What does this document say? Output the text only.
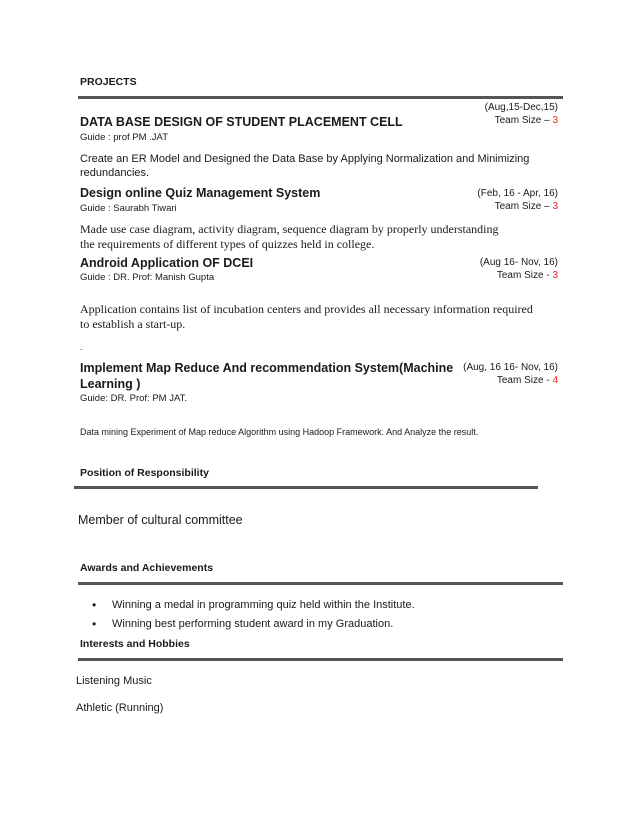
PROJECTS
(Aug,15-Dec,15)
Team Size – 3
DATA BASE DESIGN OF STUDENT PLACEMENT CELL
Guide : prof PM .JAT
Create an ER Model and Designed the Data Base by Applying Normalization and Minimizing redundancies.
(Feb, 16 - Apr, 16)
Team Size – 3
Design online Quiz Management System
Guide : Saurabh Tiwari
Made use case diagram, activity diagram, sequence diagram by properly understanding the requirements of different types of quizzes held in college.
(Aug 16- Nov, 16)
Team Size - 3
Android Application OF DCEI
Guide : DR. Prof: Manish Gupta
Application contains list of incubation centers and provides all necessary information required to establish a start-up.
.
(Aug, 16 16- Nov, 16)
Team Size - 4
Implement Map Reduce And recommendation System(Machine
Learning )
Guide: DR. Prof: PM JAT.
Data mining Experiment of Map reduce Algorithm using Hadoop Framework. And Analyze the result.
Position of Responsibility
Member of cultural committee
Awards and Achievements
• Winning a medal in programming quiz held within the Institute.
• Winning best performing student award in my Graduation.
Interests and Hobbies
Listening Music
Athletic (Running)
